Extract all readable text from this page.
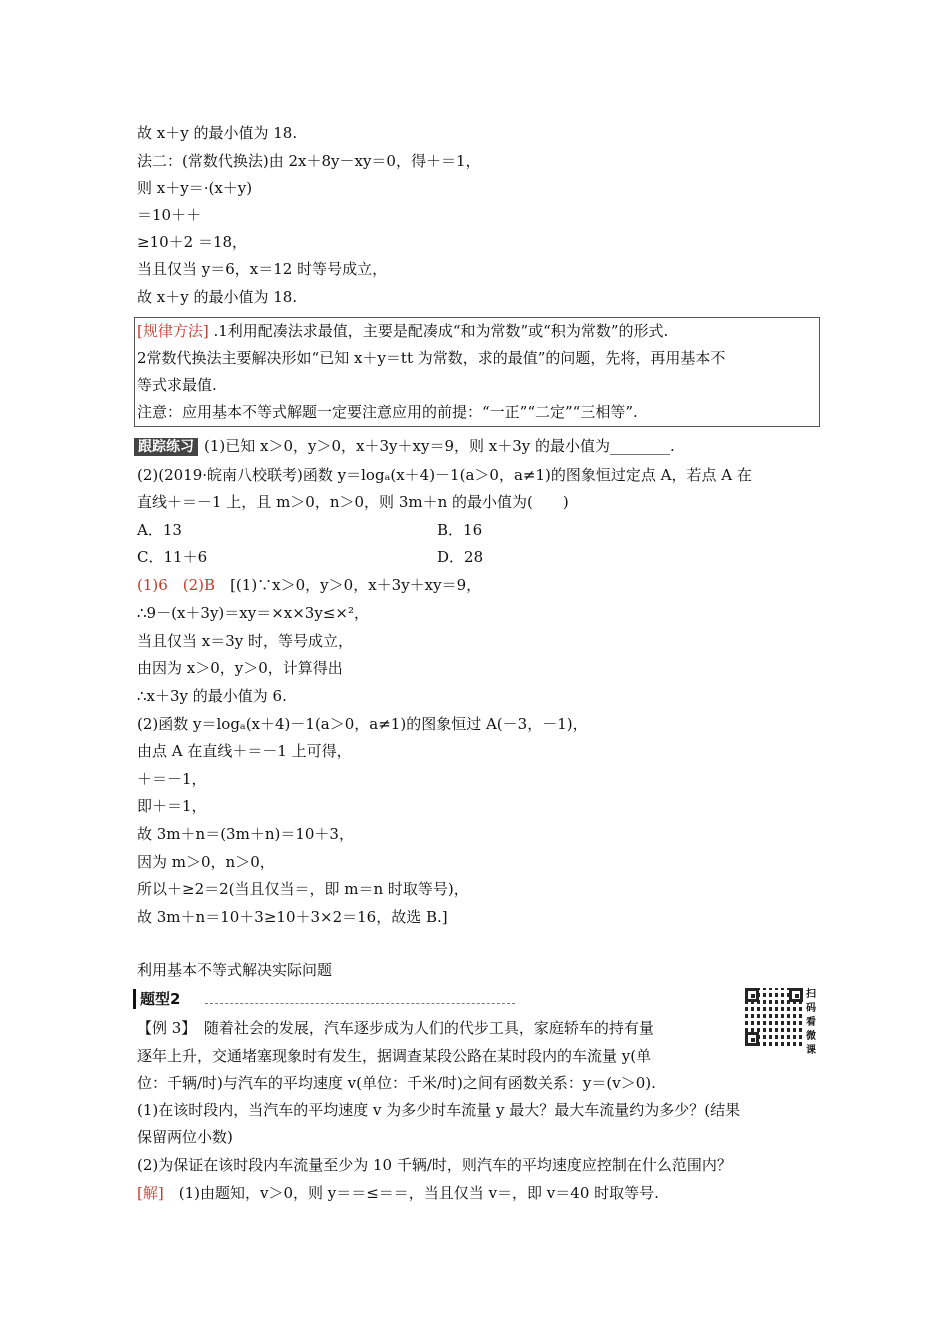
故 x＋y 的最小值为 18.
法二：(常数代换法)由 2x＋8y－xy＝0，得＋＝1，
则 x＋y＝·(x＋y)
＝10＋＋
≥10＋2 ＝18，
当且仅当 y＝6，x＝12 时等号成立，
故 x＋y 的最小值为 18.
[规律方法] .1利用配凑法求最值，主要是配凑成“和为常数”或“积为常数”的形式.
2常数代换法主要解决形如“已知 x＋y＝tt 为常数，求的最值”的问题，先将，再用基本不
等式求最值.
注意：应用基本不等式解题一定要注意应用的前提：“一正”“二定”“三相等”.
跟踪练习 (1)已知 x＞0，y＞0，x＋3y＋xy＝9，则 x＋3y 的最小值为________.
(2)(2019·皖南八校联考)函数 y＝logₐ(x＋4)－1(a＞0，a≠1)的图象恒过定点 A，若点 A 在
直线＋＝－1 上，且 m＞0，n＞0，则 3m＋n 的最小值为(　　)
A．13	B．16
C．11＋6	D．28
(1)6　(2)B　 [(1)∵x＞0，y＞0，x＋3y＋xy＝9，
∴9－(x＋3y)＝xy＝×x×3y≤×²，
当且仅当 x＝3y 时，等号成立，
由因为 x＞0，y＞0，计算得出
∴x＋3y 的最小值为 6.
(2)函数 y＝logₐ(x＋4)－1(a＞0，a≠1)的图象恒过 A(－3，－1)，
由点 A 在直线＋＝－1 上可得，
＋＝－1，
即＋＝1，
故 3m＋n＝(3m＋n)＝10＋3，
因为 m＞0，n＞0，
所以＋≥2＝2(当且仅当＝，即 m＝n 时取等号)，
故 3m＋n＝10＋3≥10＋3×2＝16，故选 B.]
利用基本不等式解决实际问题
题型2	扫码看微课
【例 3】　随着社会的发展，汽车逐步成为人们的代步工具，家庭轿车的持有量
逐年上升，交通堵塞现象时有发生，据调查某段公路在某时段内的车流量 y(单
位：千辆/时)与汽车的平均速度 v(单位：千米/时)之间有函数关系：y＝(v＞0).
(1)在该时段内，当汽车的平均速度 v 为多少时车流量 y 最大？最大车流量约为多少？(结果
保留两位小数)
(2)为保证在该时段内车流量至少为 10 千辆/时，则汽车的平均速度应控制在什么范围内？
[解]　(1)由题知，v＞0，则 y＝＝≤＝＝，当且仅当 v＝，即 v＝40 时取等号.
